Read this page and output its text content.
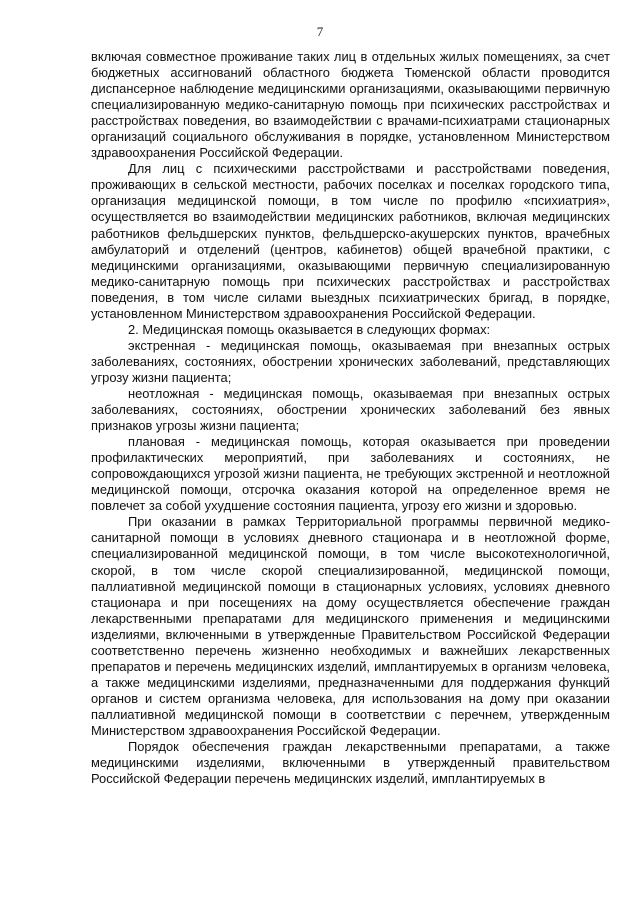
7

включая совместное проживание таких лиц в отдельных жилых помещениях, за счет бюджетных ассигнований областного бюджета Тюменской области проводится диспансерное наблюдение медицинскими организациями, оказывающими первичную специализированную медико-санитарную помощь при психических расстройствах и расстройствах поведения, во взаимодействии с врачами-психиатрами стационарных организаций социального обслуживания в порядке, установленном Министерством здравоохранения Российской Федерации.

Для лиц с психическими расстройствами и расстройствами поведения, проживающих в сельской местности, рабочих поселках и поселках городского типа, организация медицинской помощи, в том числе по профилю «психиатрия», осуществляется во взаимодействии медицинских работников, включая медицинских работников фельдшерских пунктов, фельдшерско-акушерских пунктов, врачебных амбулаторий и отделений (центров, кабинетов) общей врачебной практики, с медицинскими организациями, оказывающими первичную специализированную медико-санитарную помощь при психических расстройствах и расстройствах поведения, в том числе силами выездных психиатрических бригад, в порядке, установленном Министерством здравоохранения Российской Федерации.

2. Медицинская помощь оказывается в следующих формах:

экстренная - медицинская помощь, оказываемая при внезапных острых заболеваниях, состояниях, обострении хронических заболеваний, представляющих угрозу жизни пациента;

неотложная - медицинская помощь, оказываемая при внезапных острых заболеваниях, состояниях, обострении хронических заболеваний без явных признаков угрозы жизни пациента;

плановая - медицинская помощь, которая оказывается при проведении профилактических мероприятий, при заболеваниях и состояниях, не сопровождающихся угрозой жизни пациента, не требующих экстренной и неотложной медицинской помощи, отсрочка оказания которой на определенное время не повлечет за собой ухудшение состояния пациента, угрозу его жизни и здоровью.

При оказании в рамках Территориальной программы первичной медико-санитарной помощи в условиях дневного стационара и в неотложной форме, специализированной медицинской помощи, в том числе высокотехнологичной, скорой, в том числе скорой специализированной, медицинской помощи, паллиативной медицинской помощи в стационарных условиях, условиях дневного стационара и при посещениях на дому осуществляется обеспечение граждан лекарственными препаратами для медицинского применения и медицинскими изделиями, включенными в утвержденные Правительством Российской Федерации соответственно перечень жизненно необходимых и важнейших лекарственных препаратов и перечень медицинских изделий, имплантируемых в организм человека, а также медицинскими изделиями, предназначенными для поддержания функций органов и систем организма человека, для использования на дому при оказании паллиативной медицинской помощи в соответствии с перечнем, утвержденным Министерством здравоохранения Российской Федерации.

Порядок обеспечения граждан лекарственными препаратами, а также медицинскими изделиями, включенными в утвержденный правительством Российской Федерации перечень медицинских изделий, имплантируемых в
